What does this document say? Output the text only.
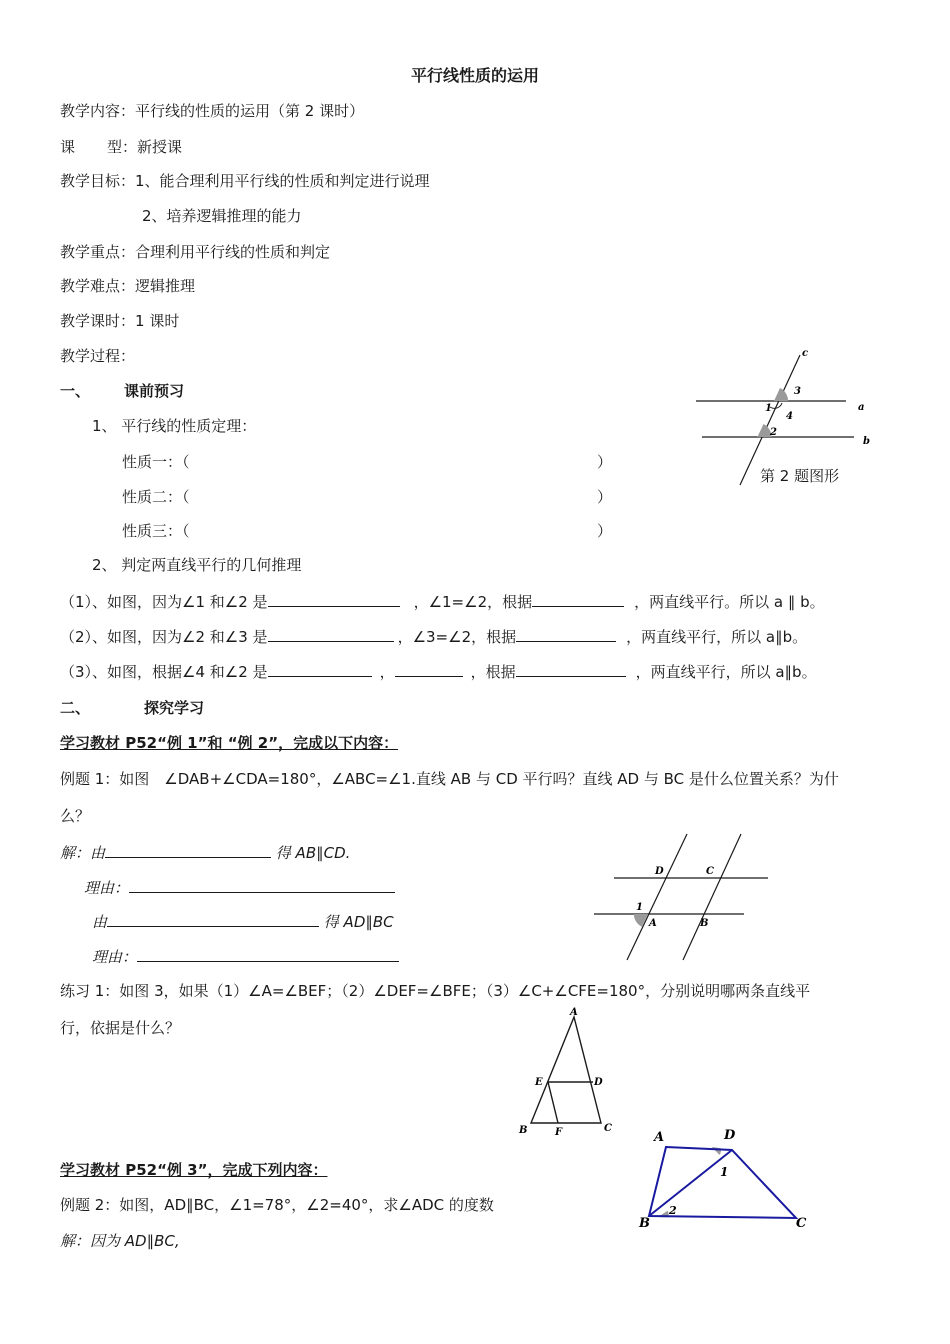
平行线性质的运用
教学内容：平行线的性质的运用（第 2 课时）
课 型：新授课
教学目标：1、能合理利用平行线的性质和判定进行说理
2、培养逻辑推理的能力
教学重点：合理利用平行线的性质和判定
教学难点：逻辑推理
教学课时：1 课时
教学过程：
一、 课前预习
1、 平行线的性质定理：
性质一：（	）
性质二：（	）
性质三：（	）
2、 判定两直线平行的几何推理
（1）、如图，因为∠1 和∠2 是	，∠1=∠2，根据	，两直线平行。所以 a ∥ b。
（2）、如图，因为∠2 和∠3 是	，∠3=∠2，根据	，两直线平行，所以 a∥b。
（3）、如图，根据∠4 和∠2 是	，	，根据	，两直线平行，所以 a∥b。
c
a
b
1
2
3
4
第 2 题图形
二、	探究学习
学习教材 P52“例 1”和 “例 2”，完成以下内容：
例题 1：如图　∠DAB+∠CDA=180°，∠ABC=∠1.直线 AB 与 CD 平行吗？直线 AD 与 BC 是什么位置关系？为什
么？
解：由	得 AB∥CD.
理由：
由	得 AD∥BC
理由：
D	C
1
A	B
练习 1：如图 3，如果（1）∠A=∠BEF；（2）∠DEF=∠BFE；（3）∠C+∠CFE=180°，分别说明哪两条直线平
行，依据是什么？
A
E	D
B	F	C
学习教材 P52“例 3”，完成下列内容：
例题 2：如图，AD∥BC，∠1=78°，∠2=40°，求∠ADC 的度数
解：因为 AD∥BC,
A	D
1
B
2
C
